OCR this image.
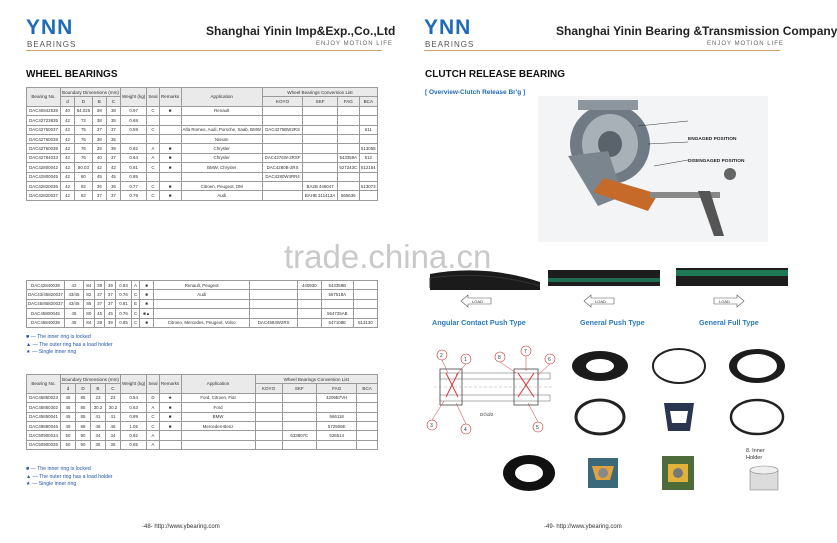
YNN
BEARINGS
Shanghai Yinin Imp&Exp.,Co.,Ltd
ENJOY MOTION LIFE
WHEEL BEARINGS
Bearing No.	Boundary Dimensions (mm)				Weight (kg)	Seal	Remarks	Application	Wheel Bearings Conversion List			
	d	D	B	C					KOYO	SKF	FAG	BCA
DAC40842538	40	84.025	38	38	0.97	C	■	Renault				
DAC42723835	42	72	38	35	0.68							
DAC42750037	42	75	37	37	0.59	C		Alfa Romeo, Audi, Porsche, Saab, BMW	DAC4275BW2RS			611
DAC42760038	42	76	38	35				Nissan				
DAC42760039	42	76	39	39	0.82	A	■	Chrysler				513058
DAC42764033	42	76	40	37	0.64	A	■	Chrysler	DAC4276W-2RSF		543359A	512
DAC42800042	42	80.03	42	42	0.81	C	■	BMW, Chrysler	DAC4280B-2RS		527243C	512154
DAC42800045	42	80	45	45	0.85				DAC4280W4RR4			
DAC42820036	42	82	36	36	0.77	C	■	Citroen, Peugeot, DM		BA2B 446047		513073
DAC42820037	42	82	37	37	0.79	C	■	Audi		BAHB 311413A	565636	
DAC42840039	42	84	39	39	0.93	A	■	Renault, Peugeot		440930	543359B	
DAC43/45820037	43/45	82	37	37	0.76	C	■	Audi			567518A	
DAC45/85820037	43/45	85	37	37	0.81	E	■					
DAC45800045	45	80	45	45	0.76	C	■▲				564725AB	
DAC45840039	45	84	39	39	0.85	C	■	Citroen, Mercedes, Peugeot, Volvo	DAC4584W2RS		547108E	513130
■ — The inner ring is locked
▲ — The outer ring has a load holder
★ — Single inner ring
Bearing No.	Boundary Dimensions (mm)				Weight (kg)	Seal	Remarks	Application	Wheel Bearings Conversion List			
	d	D	B	C					KOYO	SKF	FAG	BCA
DAC45850023	45	85	23	23	0.54	D	★	Ford, Citroen, Fiat			4209B7VH	
DAC45850302	45	85	30.2	30.2	0.63	A	■	Ford				
DAC45850041	45	85	41	41	0.89	C	■	BMW			566118	
DAC49880046	49	88	46	46	1.05	C	■	Mercedes-Benz			572506E	
DAC50900034	50	90	34	34	0.82	A				633807C	526514	
DAC50900035	50	90	35	35	0.85	A						
■ — The inner ring is locked
▲ — The outer ring has a load holder
★ — Single inner ring
-48- http://www.ybearing.com
YNN
BEARINGS
Shanghai Yinin Bearing &Transmission Company
ENJOY MOTION LIFE
CLUTCH RELEASE BEARING
[ Overview-Clutch Release Br'g ]
ENGAGED POSITION
DISENGAGED POSITION
LOAD	LOAD	LOAD
Angular Contact Push Type	General Push Type	General Full Type
D∅d/2
1
2
3
4	5
6
7
8
8. Inner
Holder
-49- http://www.ybearing.com
trade.china.cn
